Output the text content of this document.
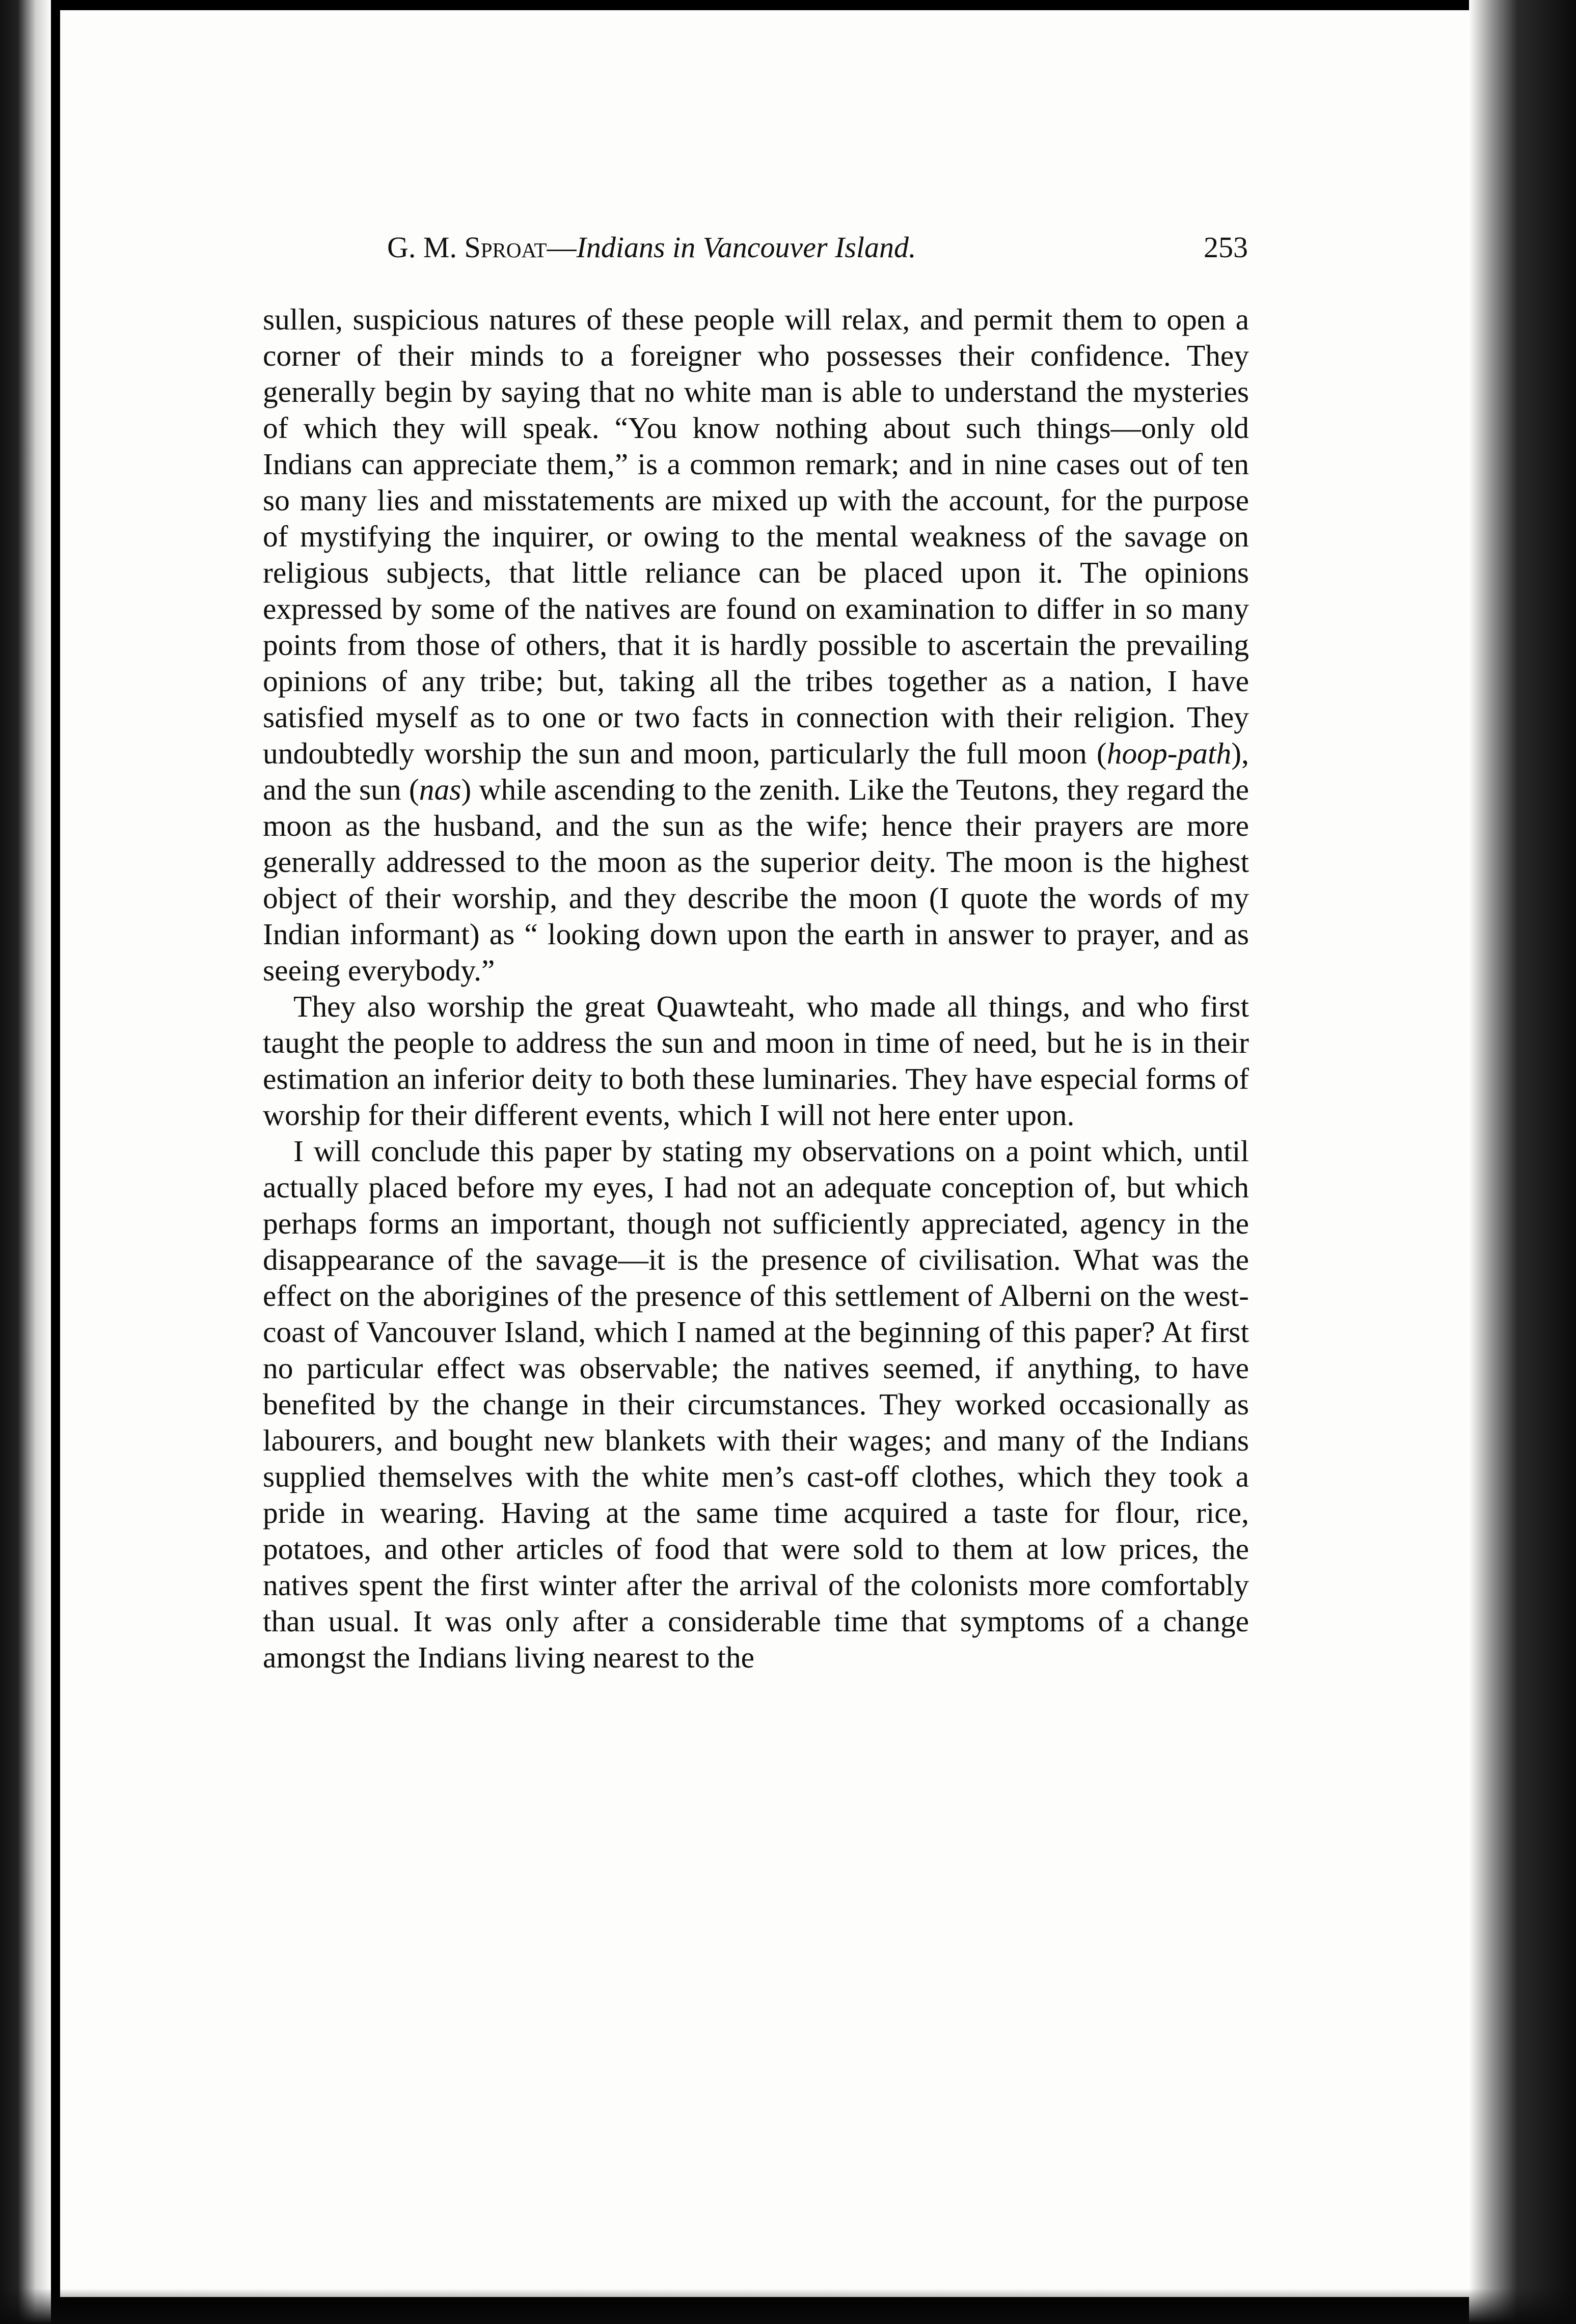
G. M. Sproat—Indians in Vancouver Island.	253

sullen, suspicious natures of these people will relax, and permit them to open a corner of their minds to a foreigner who possesses their confidence. They generally begin by saying that no white man is able to understand the mysteries of which they will speak. “You know nothing about such things—only old Indians can appreciate them,” is a common remark; and in nine cases out of ten so many lies and misstatements are mixed up with the account, for the purpose of mystifying the inquirer, or owing to the mental weakness of the savage on religious subjects, that little reliance can be placed upon it. The opinions expressed by some of the natives are found on examination to differ in so many points from those of others, that it is hardly possible to ascertain the prevailing opinions of any tribe; but, taking all the tribes together as a nation, I have satisfied myself as to one or two facts in connection with their religion. They undoubtedly worship the sun and moon, particularly the full moon (hoop-path), and the sun (nas) while ascending to the zenith. Like the Teutons, they regard the moon as the husband, and the sun as the wife; hence their prayers are more generally addressed to the moon as the superior deity. The moon is the highest object of their worship, and they describe the moon (I quote the words of my Indian informant) as “ looking down upon the earth in answer to prayer, and as seeing everybody.”

They also worship the great Quawteaht, who made all things, and who first taught the people to address the sun and moon in time of need, but he is in their estimation an inferior deity to both these luminaries. They have especial forms of worship for their different events, which I will not here enter upon.

I will conclude this paper by stating my observations on a point which, until actually placed before my eyes, I had not an adequate conception of, but which perhaps forms an important, though not sufficiently appreciated, agency in the disappearance of the savage—it is the presence of civilisation. What was the effect on the aborigines of the presence of this settlement of Alberni on the west-coast of Vancouver Island, which I named at the beginning of this paper? At first no particular effect was observable; the natives seemed, if anything, to have benefited by the change in their circumstances. They worked occasionally as labourers, and bought new blankets with their wages; and many of the Indians supplied themselves with the white men’s cast-off clothes, which they took a pride in wearing. Having at the same time acquired a taste for flour, rice, potatoes, and other articles of food that were sold to them at low prices, the natives spent the first winter after the arrival of the colonists more comfortably than usual. It was only after a considerable time that symptoms of a change amongst the Indians living nearest to the
